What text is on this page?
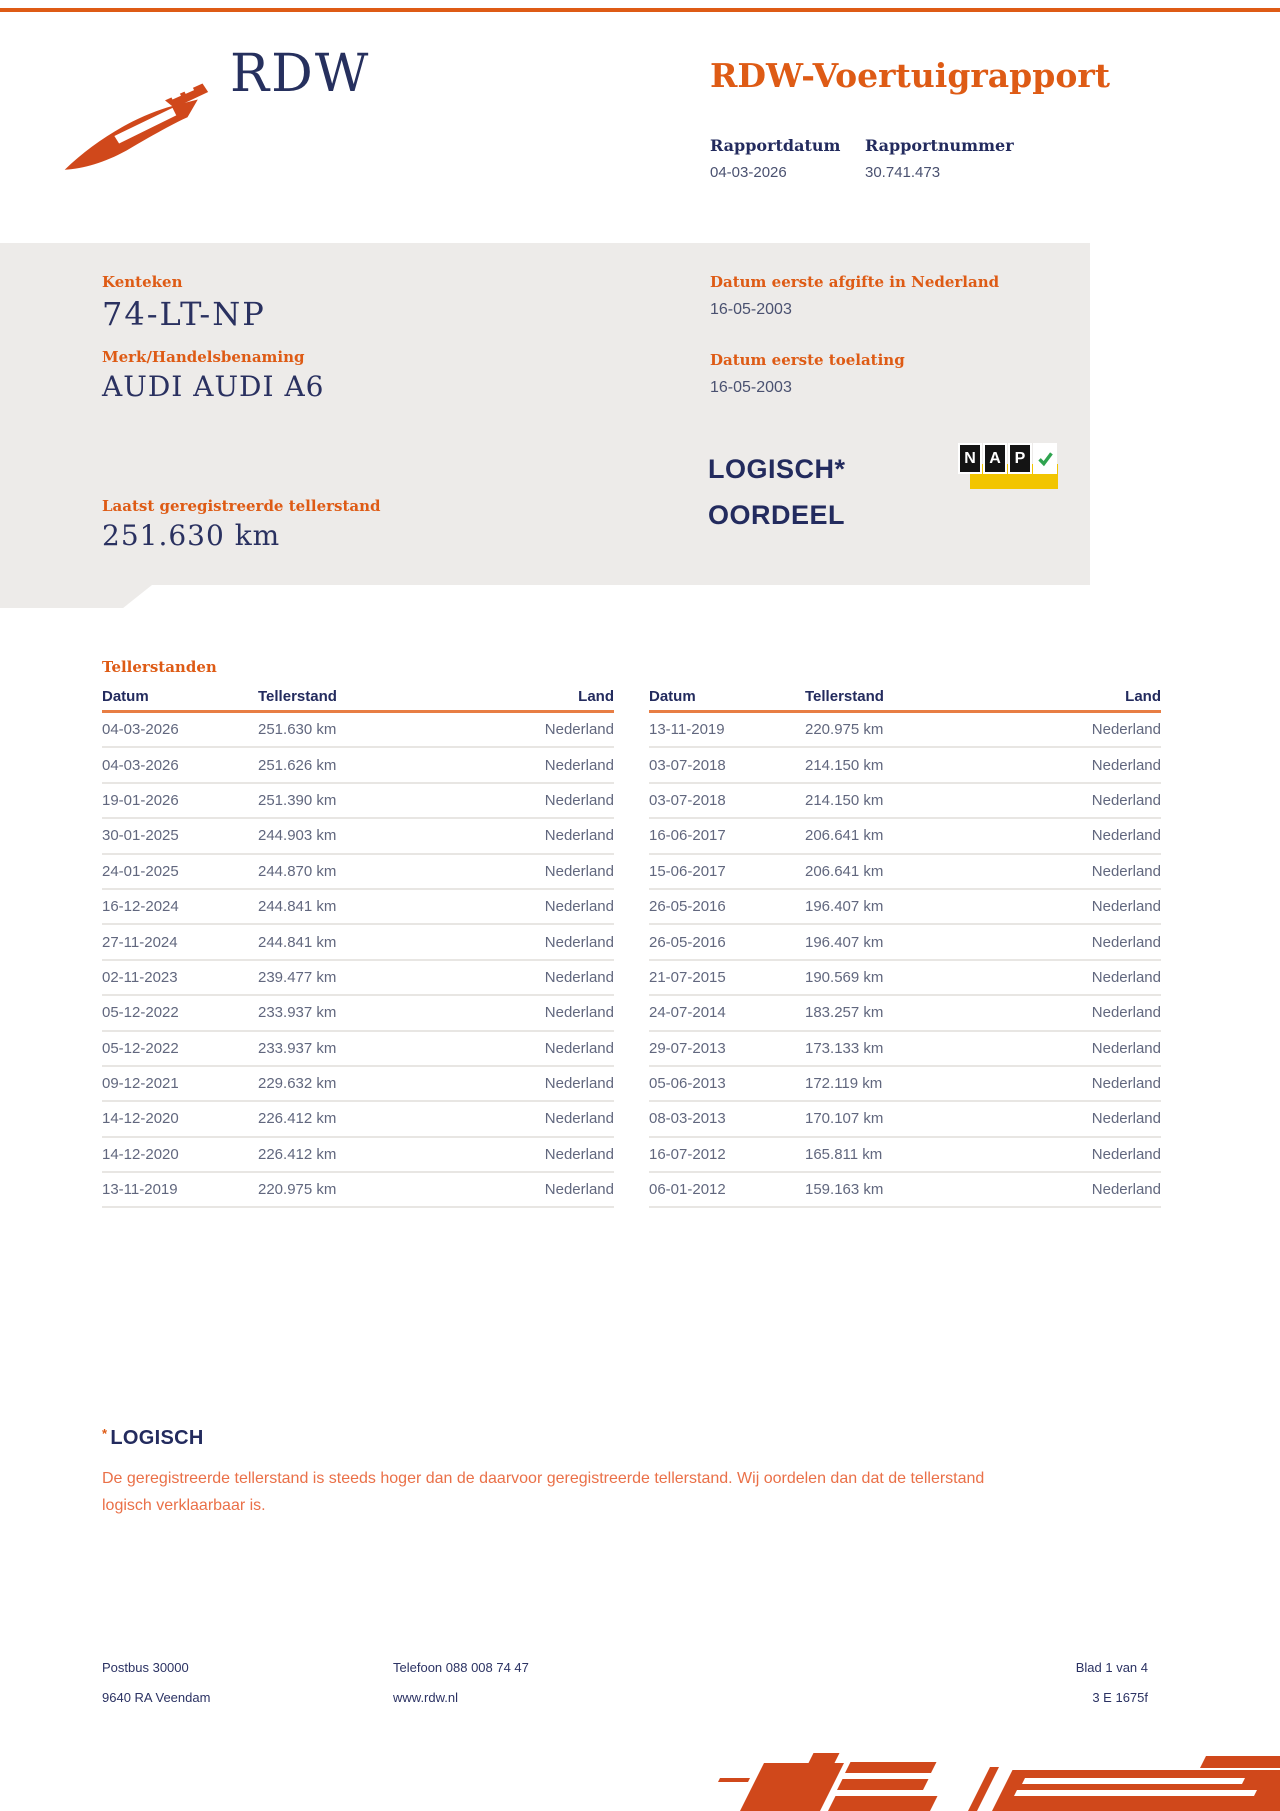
RDW	RDW-Voertuigrapport
Rapportdatum
04-03-2026
Rapportnummer
30.741.473
Kenteken
74-LT-NP
Merk/Handelsbenaming
AUDI AUDI A6
Laatst geregistreerde tellerstand
251.630 km
Datum eerste afgifte in Nederland
16-05-2003
Datum eerste toelating
16-05-2003
LOGISCH*
OORDEEL
N A P
Tellerstanden
Datum	Tellerstand	Land
04-03-2026	251.630 km	Nederland
04-03-2026	251.626 km	Nederland
19-01-2026	251.390 km	Nederland
30-01-2025	244.903 km	Nederland
24-01-2025	244.870 km	Nederland
16-12-2024	244.841 km	Nederland
27-11-2024	244.841 km	Nederland
02-11-2023	239.477 km	Nederland
05-12-2022	233.937 km	Nederland
05-12-2022	233.937 km	Nederland
09-12-2021	229.632 km	Nederland
14-12-2020	226.412 km	Nederland
14-12-2020	226.412 km	Nederland
13-11-2019	220.975 km	Nederland
Datum	Tellerstand	Land
13-11-2019	220.975 km	Nederland
03-07-2018	214.150 km	Nederland
03-07-2018	214.150 km	Nederland
16-06-2017	206.641 km	Nederland
15-06-2017	206.641 km	Nederland
26-05-2016	196.407 km	Nederland
26-05-2016	196.407 km	Nederland
21-07-2015	190.569 km	Nederland
24-07-2014	183.257 km	Nederland
29-07-2013	173.133 km	Nederland
05-06-2013	172.119 km	Nederland
08-03-2013	170.107 km	Nederland
16-07-2012	165.811 km	Nederland
06-01-2012	159.163 km	Nederland
* LOGISCH

De geregistreerde tellerstand is steeds hoger dan de daarvoor geregistreerde tellerstand. Wij oordelen dan dat de tellerstand logisch verklaarbaar is.

Postbus 30000
9640 RA Veendam
Telefoon 088 008 74 47
www.rdw.nl
Blad 1 van 4
3 E 1675f
